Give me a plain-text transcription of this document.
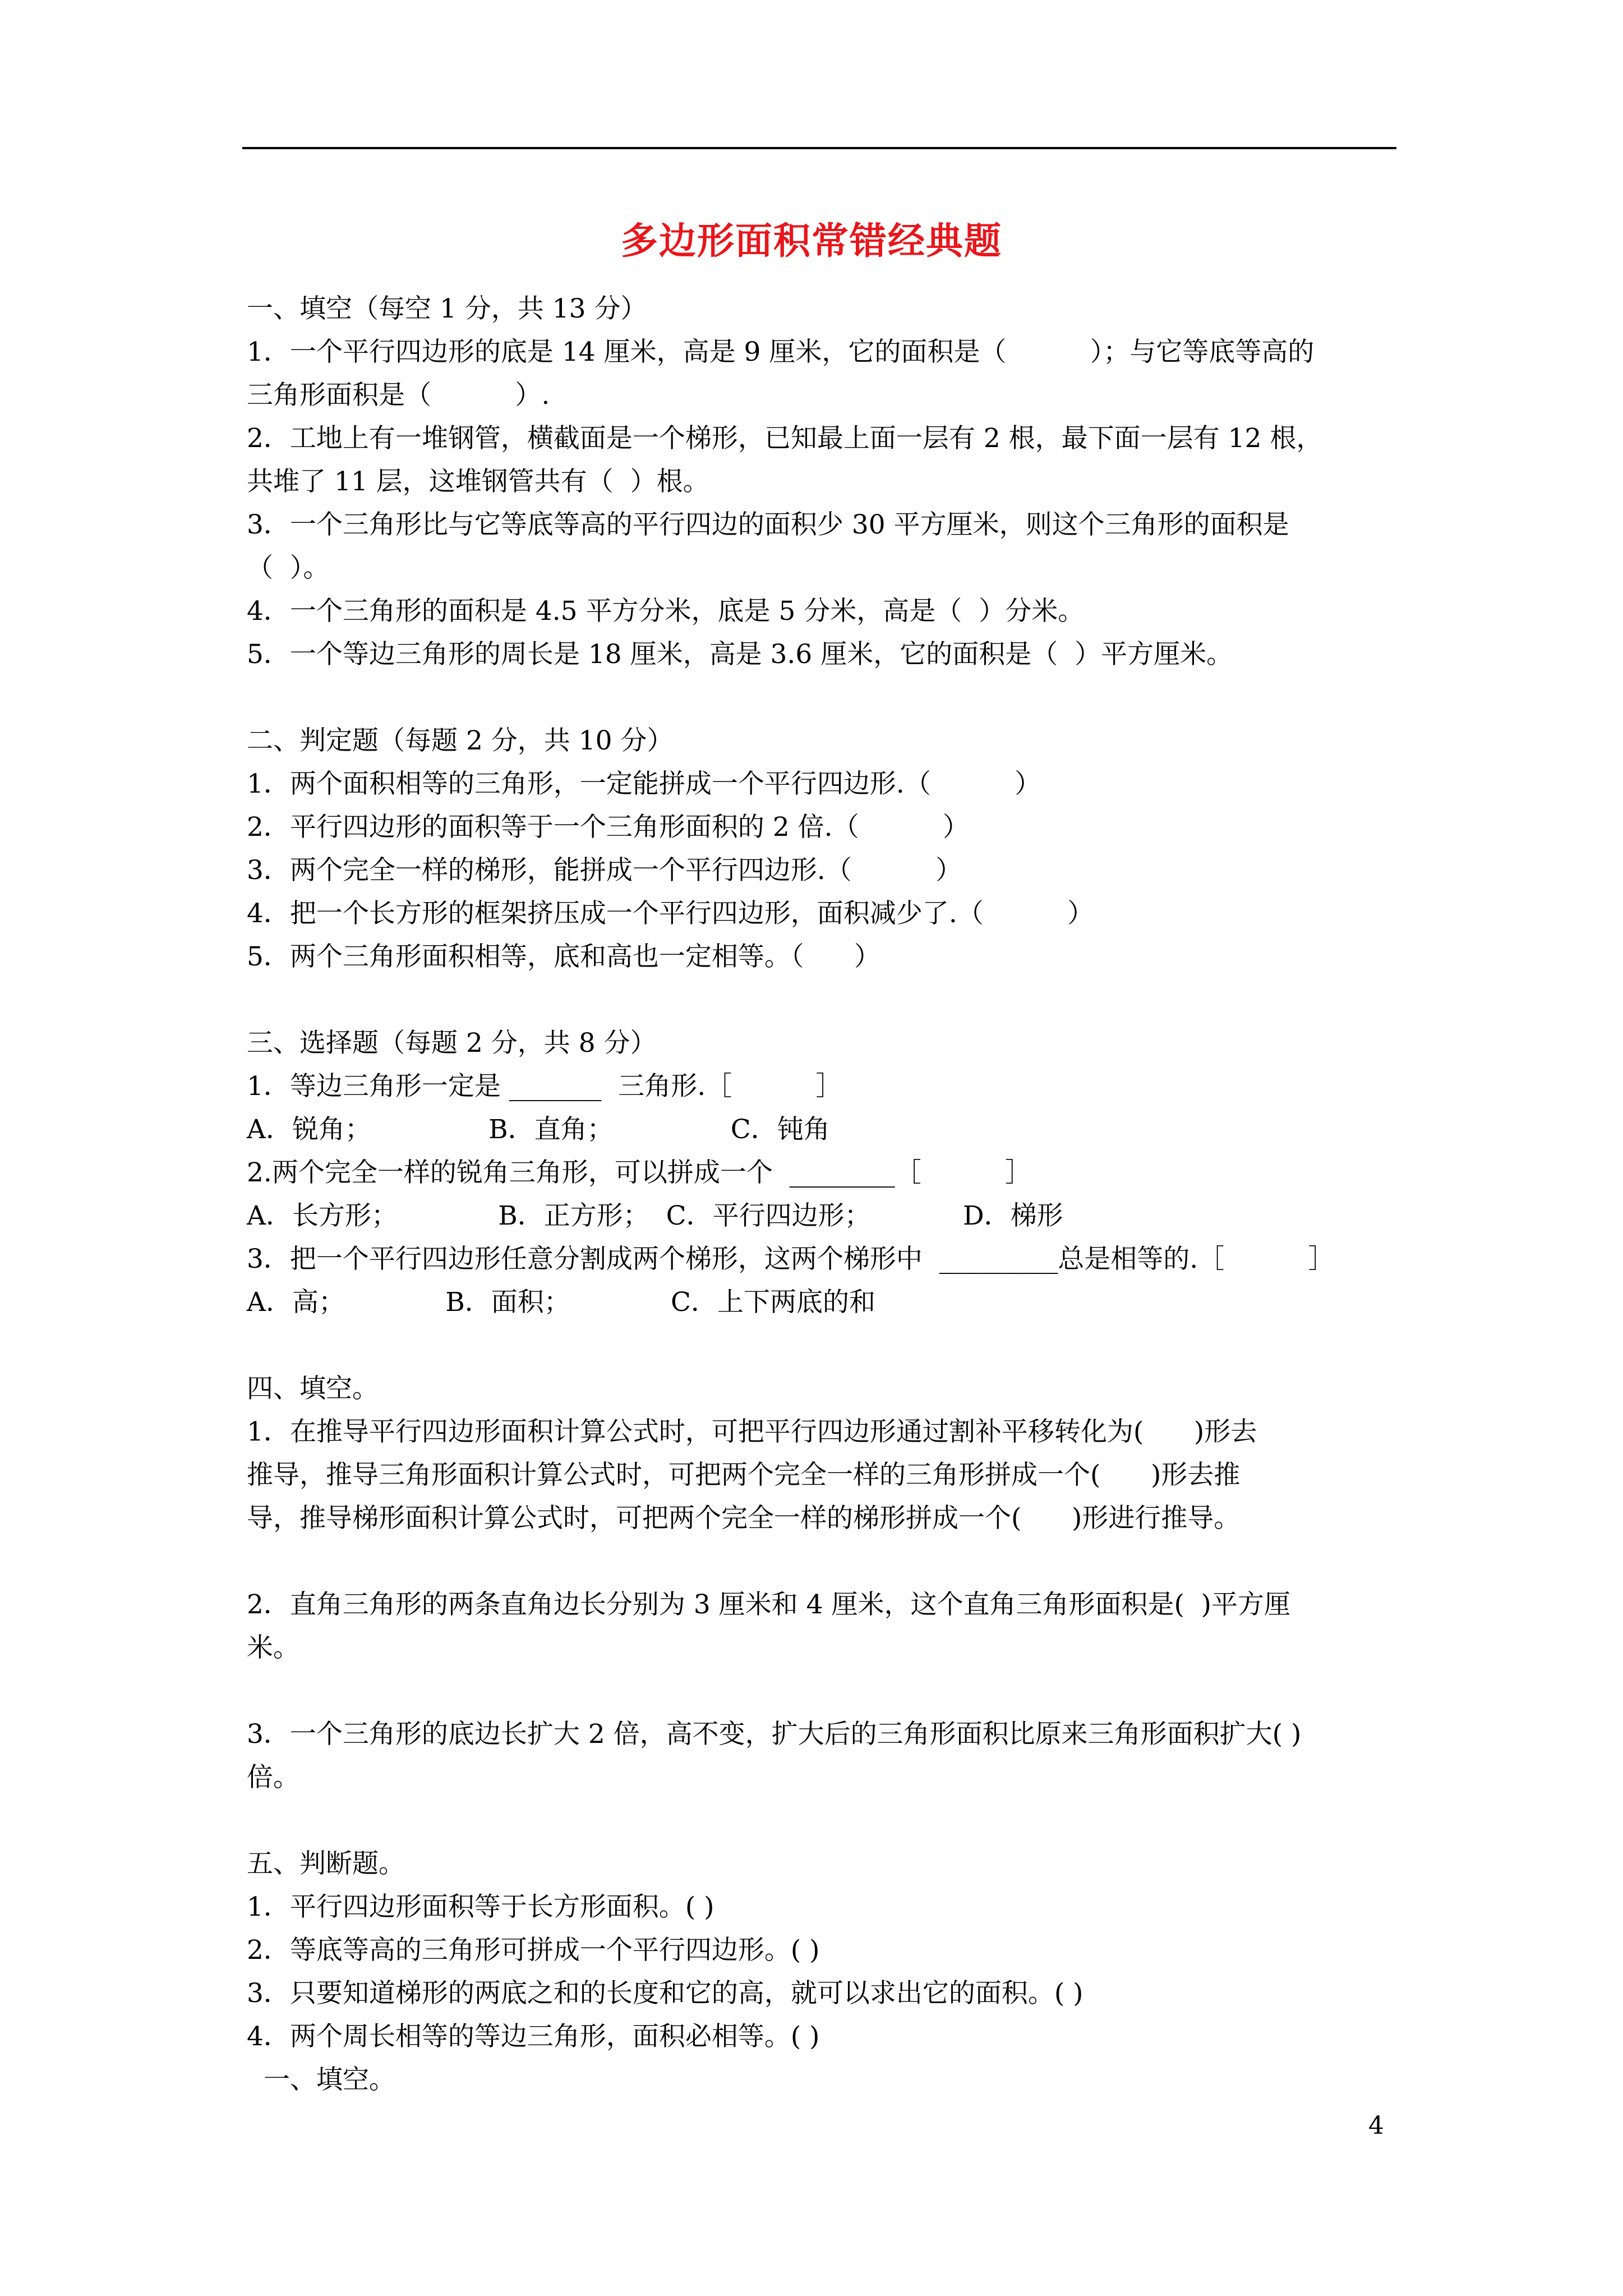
多边形面积常错经典题
一、填空（每空 1 分，共 13 分）
1．一个平行四边形的底是 14 厘米，高是 9 厘米，它的面积是（          ）；与它等底等高的
三角形面积是（          ）.
2．工地上有一堆钢管，横截面是一个梯形，已知最上面一层有 2 根，最下面一层有 12 根，
共堆了 11 层，这堆钢管共有（  ）根。
3．一个三角形比与它等底等高的平行四边的面积少 30 平方厘米，则这个三角形的面积是
（  ）。
4．一个三角形的面积是 4.5 平方分米，底是 5 分米，高是（  ）分米。
5．一个等边三角形的周长是 18 厘米，高是 3.6 厘米，它的面积是（  ）平方厘米。
二、判定题（每题 2 分，共 10 分）
1．两个面积相等的三角形，一定能拼成一个平行四边形.（          ）
2．平行四边形的面积等于一个三角形面积的 2 倍.（          ）
3．两个完全一样的梯形，能拼成一个平行四边形.（          ）
4．把一个长方形的框架挤压成一个平行四边形，面积减少了.（          ）
5．两个三角形面积相等，底和高也一定相等。（      ）
三、选择题（每题 2 分，共 8 分）
1．等边三角形一定是 _______  三角形.［          ］
A．锐角；              B．直角；              C．钝角
2.两个完全一样的锐角三角形，可以拼成一个  ________［          ］
A．长方形；            B．正方形；  C．平行四边形；           D．梯形
3．把一个平行四边形任意分割成两个梯形，这两个梯形中  _________总是相等的.［          ］
A．高；            B．面积；            C．上下两底的和
四、填空。
1．在推导平行四边形面积计算公式时，可把平行四边形通过割补平移转化为(      )形去
推导，推导三角形面积计算公式时，可把两个完全一样的三角形拼成一个(      )形去推
导，推导梯形面积计算公式时，可把两个完全一样的梯形拼成一个(      )形进行推导。
2．直角三角形的两条直角边长分别为 3 厘米和 4 厘米，这个直角三角形面积是(  )平方厘
米。
3．一个三角形的底边长扩大 2 倍，高不变，扩大后的三角形面积比原来三角形面积扩大( )
倍。
五、判断题。
1．平行四边形面积等于长方形面积。( )
2．等底等高的三角形可拼成一个平行四边形。( )
3．只要知道梯形的两底之和的长度和它的高，就可以求出它的面积。( )
4．两个周长相等的等边三角形，面积必相等。( )
一、填空。
4
